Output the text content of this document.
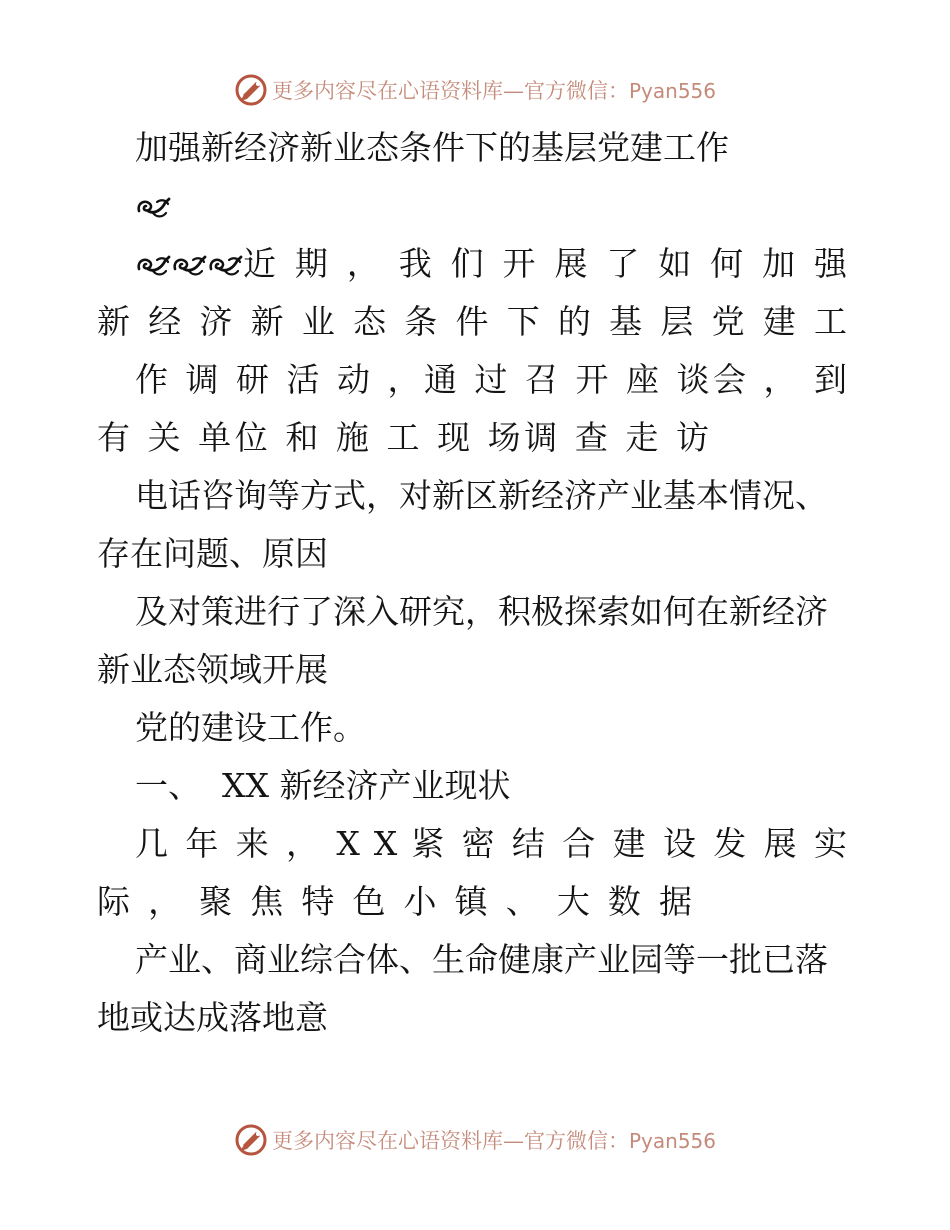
更多内容尽在心语资料库—官方微信：Pyan556
加强新经济新业态条件下的基层党建工作
近 期 ， 我 们 开 展 了 如 何 加 强
新 经 济 新 业 态 条 件 下 的 基 层 党 建 工
作 调 研 活 动 ，通 过 召 开 座 谈会 ， 到
有 关 单位 和 施 工 现 场调 查 走 访
电话咨询等方式，对新区新经济产业基本情况、
存在问题、原因
及对策进行了深入研究，积极探索如何在新经济
新业态领域开展
党的建设工作。
一、  XX 新经济产业现状
几 年 来 ， X X 紧 密 结 合 建 设 发 展 实
际 ， 聚 焦 特 色 小 镇 、 大 数 据
产业、商业综合体、生命健康产业园等一批已落
地或达成落地意
更多内容尽在心语资料库—官方微信：Pyan556
